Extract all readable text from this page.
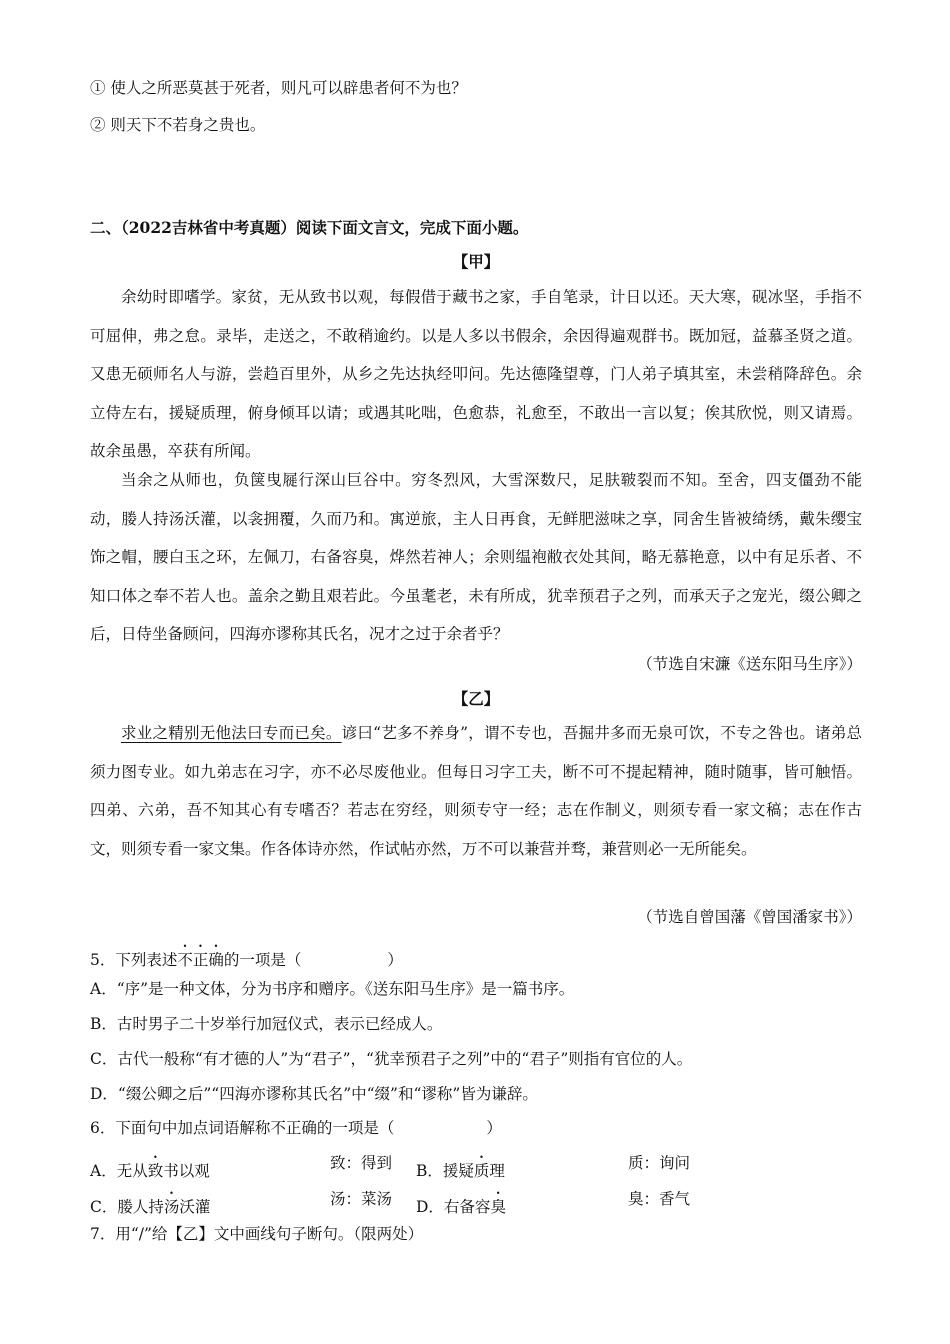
① 使人之所恶莫甚于死者，则凡可以辟患者何不为也？
② 则天下不若身之贵也。
二、（2022吉林省中考真题）阅读下面文言文，完成下面小题。
【甲】
余幼时即嗜学。家贫，无从致书以观，每假借于藏书之家，手自笔录，计日以还。天大寒，砚冰坚，手指不可屈伸，弗之怠。录毕，走送之，不敢稍逾约。以是人多以书假余，余因得遍观群书。既加冠，益慕圣贤之道。又患无硕师名人与游，尝趋百里外，从乡之先达执经叩问。先达德隆望尊，门人弟子填其室，未尝稍降辞色。余立侍左右，援疑质理，俯身倾耳以请；或遇其叱咄，色愈恭，礼愈至，不敢出一言以复；俟其欣悦，则又请焉。故余虽愚，卒获有所闻。
当余之从师也，负箧曳屣行深山巨谷中。穷冬烈风，大雪深数尺，足肤皲裂而不知。至舍，四支僵劲不能动，媵人持汤沃灌，以衾拥覆，久而乃和。寓逆旅，主人日再食，无鲜肥滋味之享，同舍生皆被绮绣，戴朱缨宝饰之帽，腰白玉之环，左佩刀，右备容臭，烨然若神人；余则缊袍敝衣处其间，略无慕艳意，以中有足乐者、不知口体之奉不若人也。盖余之勤且艰若此。今虽耄老，未有所成，犹幸预君子之列，而承天子之宠光，缀公卿之后，日侍坐备顾问，四海亦谬称其氏名，况才之过于余者乎？
（节选自宋濂《送东阳马生序》）
【乙】
求业之精别无他法曰专而已矣。谚曰“艺多不养身”，谓不专也，吾掘井多而无泉可饮，不专之咎也。诸弟总须力图专业。如九弟志在习字，亦不必尽废他业。但每日习字工夫，断不可不提起精神，随时随事，皆可触悟。四弟、六弟，吾不知其心有专嗜否？若志在穷经，则须专守一经；志在作制义，则须专看一家文稿；志在作古文，则须专看一家文集。作各体诗亦然，作试帖亦然，万不可以兼营并骛，兼营则必一无所能矣。
（节选自曾国藩《曾国潘家书》）
5．下列表述不正确的一项是（	）
A．“序”是一种文体，分为书序和赠序。《送东阳马生序》是一篇书序。
B．古时男子二十岁举行加冠仪式，表示已经成人。
C．古代一般称“有才德的人”为“君子”，“犹幸预君子之列”中的“君子”则指有官位的人。
D．“缀公卿之后”“四海亦谬称其氏名”中“缀”和“谬称”皆为谦辞。
6．下面句中加点词语解称不正确的一项是（	）
A．无从致书以观	致：得到 B．援疑质理	质：询问
C．媵人持汤沃灌	汤：菜汤 D．右备容臭	臭：香气
7．用“/”给【乙】文中画线句子断句。（限两处）
